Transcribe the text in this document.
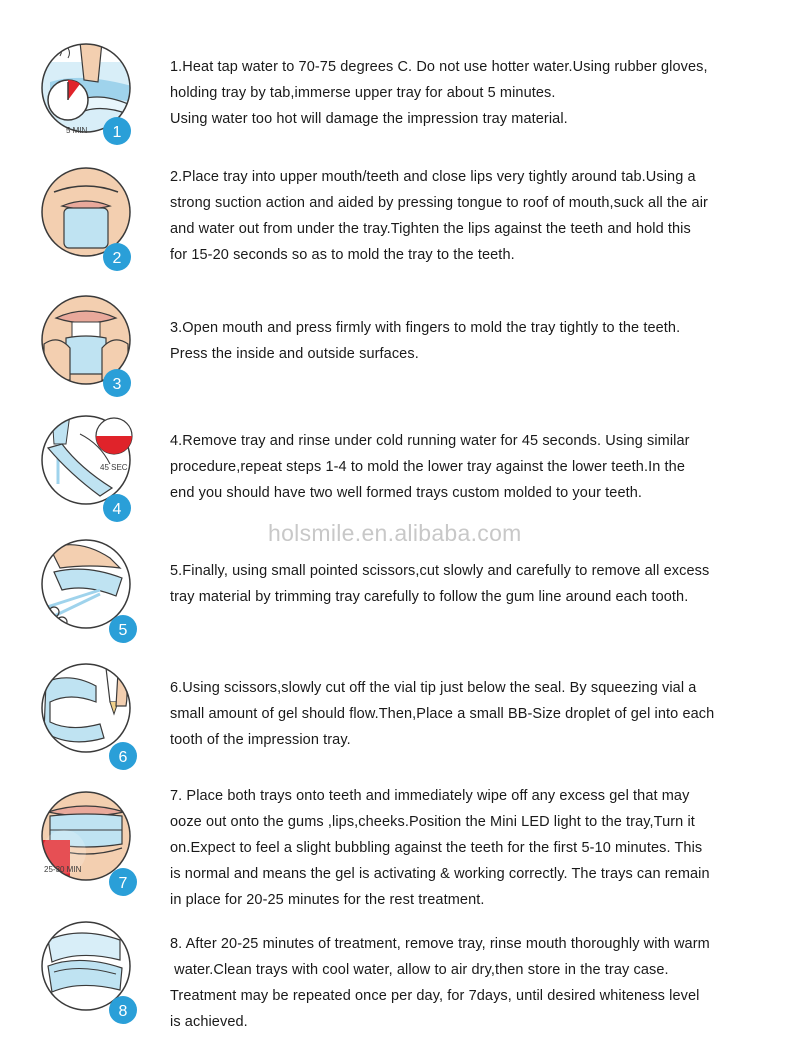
holsmile.en.alibaba.com
5 MIN 1

1.Heat tap water to 70-75 degrees C. Do not use hotter water.Using rubber gloves,

holding tray by tab,immerse upper tray for about 5 minutes.

Using water too hot will damage the impression tray material.

2

2.Place tray into upper mouth/teeth and close lips very tightly around tab.Using a

strong suction action and aided by pressing tongue to roof of mouth,suck all the air

and water out from under the tray.Tighten the lips against the teeth and hold this

for 15-20 seconds so as to mold the tray to the teeth.

3

3.Open mouth and press firmly with fingers to mold the tray tightly to the teeth.

Press the inside and outside surfaces.

45 SEC
4

4.Remove tray and rinse under cold running water for 45 seconds. Using similar

procedure,repeat steps 1-4 to mold the lower tray against the lower teeth.In the

end you should have two well formed trays custom molded to your teeth.

5

5.Finally, using small pointed scissors,cut slowly and carefully to remove all excess

tray material by trimming tray carefully to follow the gum line around each tooth.

6

6.Using scissors,slowly cut off the vial tip just below the seal. By squeezing vial a

small amount of gel should flow.Then,Place a small BB-Size droplet of gel into each

tooth of the impression tray.

25-30 MIN
7

7. Place both trays onto teeth and immediately wipe off any excess gel that may

ooze out onto the gums ,lips,cheeks.Position the Mini LED light to the tray,Turn it

on.Expect to feel a slight bubbling against the teeth for the first 5-10 minutes. This

is normal and means the gel is activating & working correctly. The trays can remain

in place for 20-25 minutes for the rest treatment.

8

8. After 20-25 minutes of treatment, remove tray, rinse mouth thoroughly with warm

water.Clean trays with cool water, allow to air dry,then store in the tray case.

Treatment may be repeated once per day, for 7days, until desired whiteness level

is achieved.
